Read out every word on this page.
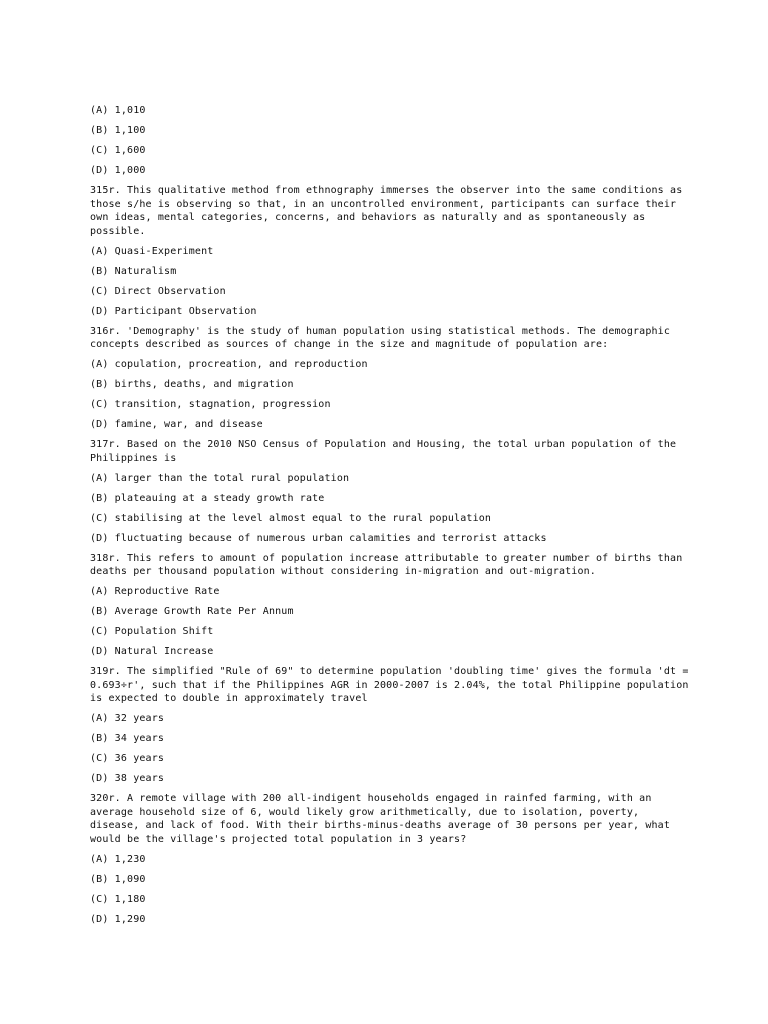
(A) 1,010
(B) 1,100
(C) 1,600
(D) 1,000
315r. This qualitative method from ethnography immerses the observer into the same conditions as
those s/he is observing so that, in an uncontrolled environment, participants can surface their
own ideas, mental categories, concerns, and behaviors as naturally and as spontaneously as
possible.
(A) Quasi-Experiment
(B) Naturalism
(C) Direct Observation
(D) Participant Observation
316r. 'Demography' is the study of human population using statistical methods. The demographic
concepts described as sources of change in the size and magnitude of population are:
(A) copulation, procreation, and reproduction
(B) births, deaths, and migration
(C) transition, stagnation, progression
(D) famine, war, and disease
317r. Based on the 2010 NSO Census of Population and Housing, the total urban population of the
Philippines is
(A) larger than the total rural population
(B) plateauing at a steady growth rate
(C) stabilising at the level almost equal to the rural population
(D) fluctuating because of numerous urban calamities and terrorist attacks
318r. This refers to amount of population increase attributable to greater number of births than
deaths per thousand population without considering in-migration and out-migration.
(A) Reproductive Rate
(B) Average Growth Rate Per Annum
(C) Population Shift
(D) Natural Increase
319r. The simplified "Rule of 69" to determine population 'doubling time' gives the formula 'dt =
0.693÷r', such that if the Philippines AGR in 2000-2007 is 2.04%, the total Philippine population
is expected to double in approximately travel
(A) 32 years
(B) 34 years
(C) 36 years
(D) 38 years
320r. A remote village with 200 all-indigent households engaged in rainfed farming, with an
average household size of 6, would likely grow arithmetically, due to isolation, poverty,
disease, and lack of food. With their births-minus-deaths average of 30 persons per year, what
would be the village's projected total population in 3 years?
(A) 1,230
(B) 1,090
(C) 1,180
(D) 1,290
